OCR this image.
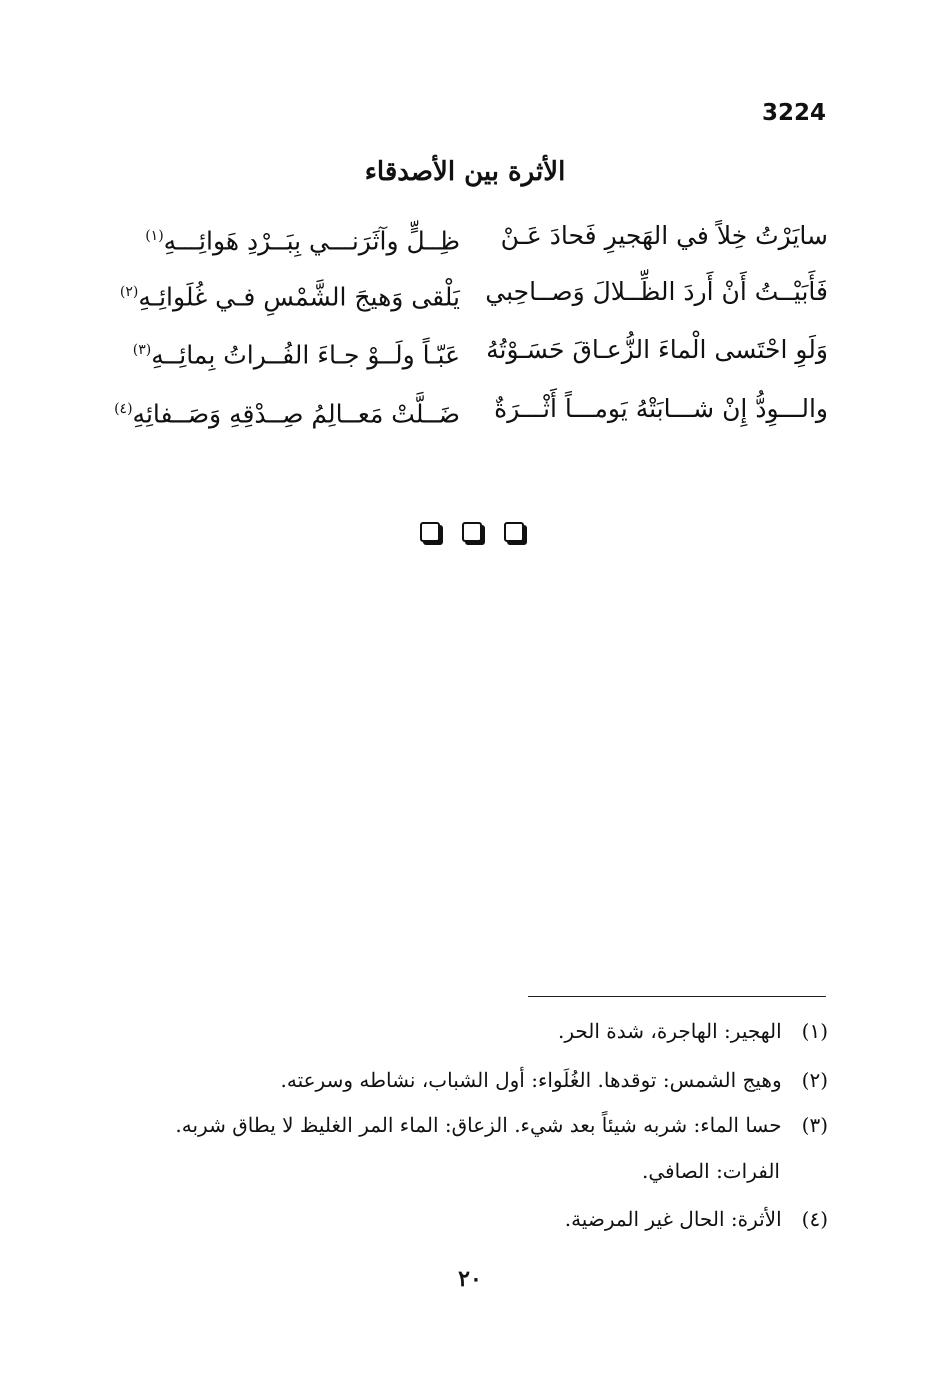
3224
الأثرة بين الأصدقاء
سايَرْتُ خِلاً في الهَجيرِ فَحادَ عَـنْ
ظِــلٍّ وآثَرَنـــي بِبَــرْدِ هَوائِـــهِ$^{(١)}$
فَأَبَيْــتُ أَنْ أَردَ الظِّــلالَ وَصــاحِبي
يَلْقى وَهيجَ الشَّمْسِ فـي غُلَوائِـهِ$^{(٢)}$
وَلَوِ احْتَسى الْماءَ الزُّعـاقَ حَسَـوْتُهُ
عَبّـاً ولَــوْ جـاءَ الفُــراتُ بِمائِــهِ$^{(٣)}$
والـــوِدُّ إِنْ شـــابَتْهُ يَومـــاً أَثْـــرَةٌ
ضَــلَّتْ مَعــالِمُ صِــدْقِهِ وَصَــفائِهِ$^{(٤)}$
(١) الهجير: الهاجرة، شدة الحر.
(٢) وهيج الشمس: توقدها. الغُلَواء: أول الشباب، نشاطه وسرعته.
(٣) حسا الماء: شربه شيئاً بعد شيء. الزعاق: الماء المر الغليظ لا يطاق شربه.
الفرات: الصافي.
(٤) الأثرة: الحال غير المرضية.
٢٠
